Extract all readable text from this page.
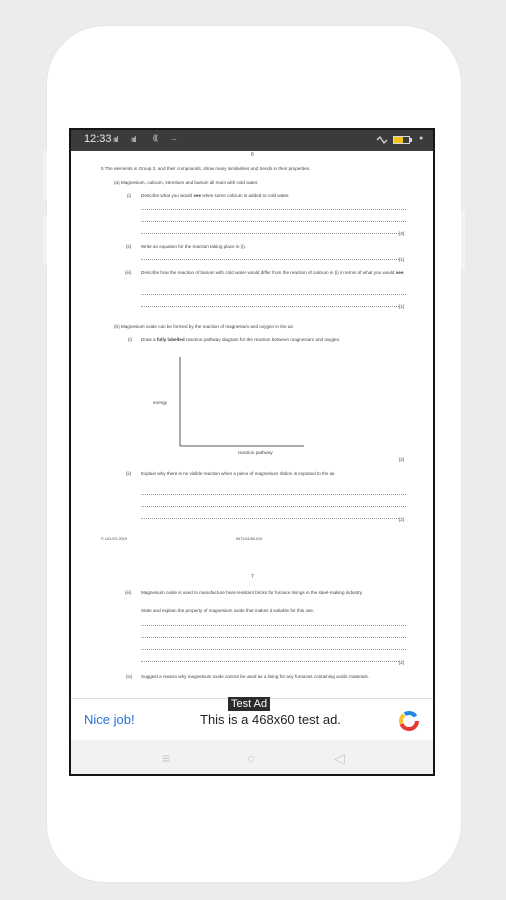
12:33 ıııl ıııl	((( ···	●
6
5 The elements in Group 2, and their compounds, show many similarities and trends in their properties.
(a) Magnesium, calcium, strontium and barium all react with cold water.
(i) Describe what you would see when some calcium is added to cold water.
[3]
(ii) Write an equation for the reaction taking place in (i).
[1]
(iii) Describe how the reaction of barium with cold water would differ from the reaction of calcium in (i) in terms of what you would see.
[1]
(b) Magnesium oxide can be formed by the reaction of magnesium and oxygen in the air.
(i) Draw a fully labelled reaction pathway diagram for the reaction between magnesium and oxygen.
energy
reaction pathway
[2]
(ii) Explain why there is no visible reaction when a piece of magnesium ribbon is exposed to the air.
[2]
© UCLES 2019	0971/41/M/J/19
7
(iii) Magnesium oxide is used to manufacture heat-resistant bricks for furnace linings in the steel-making industry.
State and explain the property of magnesium oxide that makes it suitable for this use.
[2]
(iv) Suggest a reason why magnesium oxide cannot be used as a lining for any furnaces containing acidic materials.
Test Ad
Nice job!	This is a 468x60 test ad.
≡	○	◁
